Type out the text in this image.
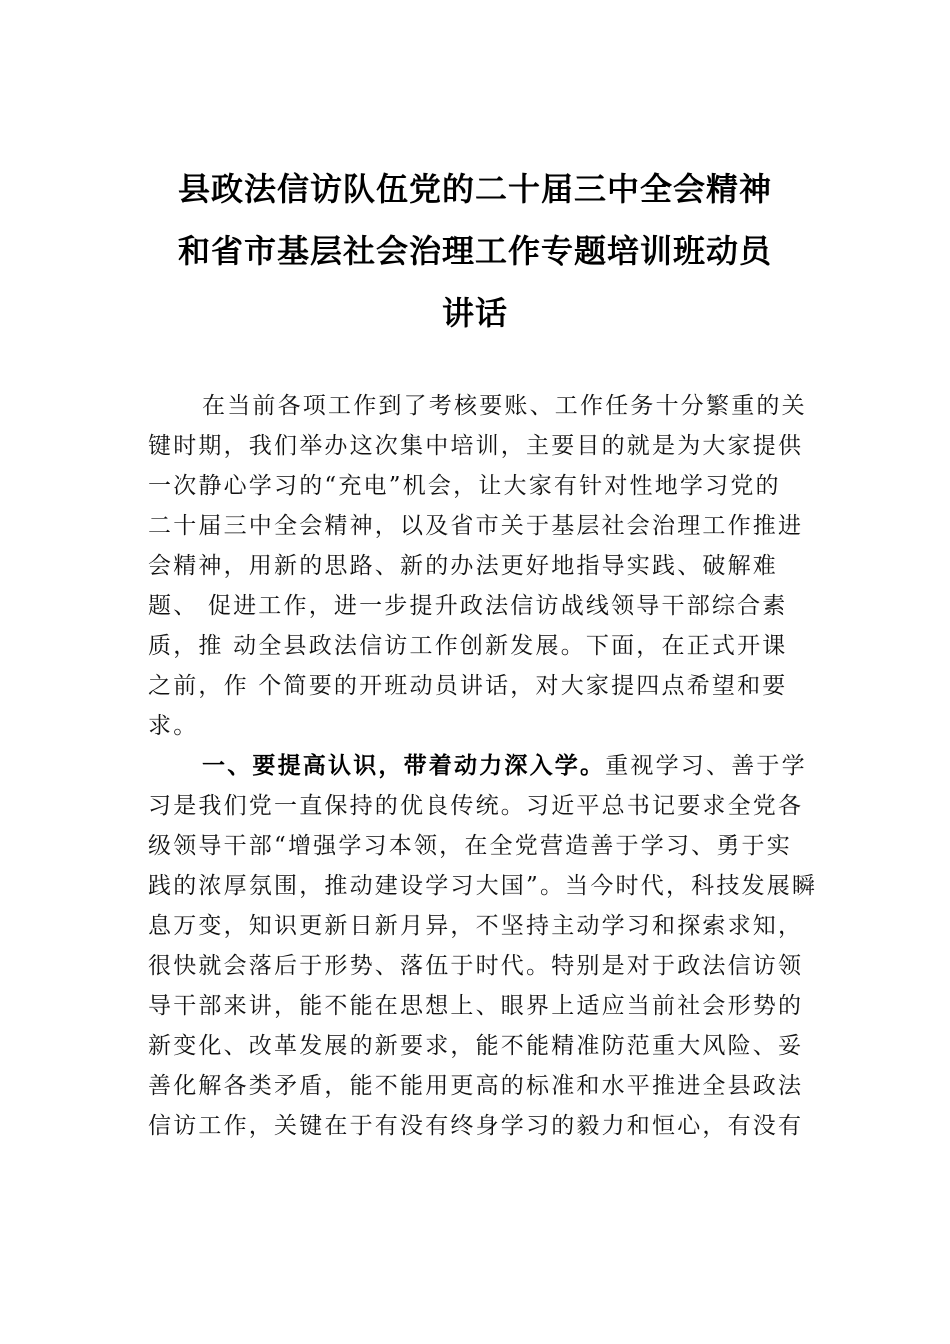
县政法信访队伍党的二十届三中全会精神
和省市基层社会治理工作专题培训班动员
讲话
在当前各项工作到了考核要账、工作任务十分繁重的关
键时期，我们举办这次集中培训，主要目的就是为大家提供
一次静心学习的“充电”机会，让大家有针对性地学习党的
二十届三中全会精神，以及省市关于基层社会治理工作推进
会精神，用新的思路、新的办法更好地指导实践、破解难
题、 促进工作，进一步提升政法信访战线领导干部综合素
质，推 动全县政法信访工作创新发展。下面，在正式开课
之前，作 个简要的开班动员讲话，对大家提四点希望和要
求。
一、要提高认识，带着动力深入学。重视学习、善于学
习是我们党一直保持的优良传统。习近平总书记要求全党各
级领导干部“增强学习本领，在全党营造善于学习、勇于实
践的浓厚氛围，推动建设学习大国”。当今时代，科技发展瞬
息万变，知识更新日新月异，不坚持主动学习和探索求知，
很快就会落后于形势、落伍于时代。特别是对于政法信访领
导干部来讲，能不能在思想上、眼界上适应当前社会形势的
新变化、改革发展的新要求，能不能精准防范重大风险、妥
善化解各类矛盾，能不能用更高的标准和水平推进全县政法
信访工作，关键在于有没有终身学习的毅力和恒心，有没有
